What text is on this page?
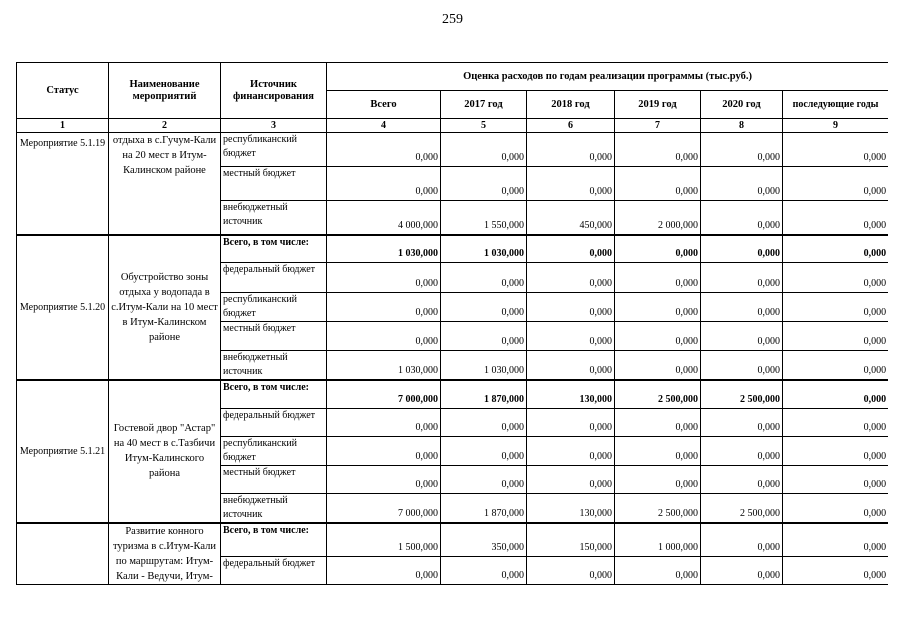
259
Статус	Наименование мероприятий	Источник финансирования	Оценка расходов по годам реализации программы (тыс.руб.)					
			Всего	2017 год	2018 год	2019 год	2020 год	последующие годы
1	2	3	4	5	6	7	8	9
Мероприятие 5.1.19	отдыха в с.Гучум-Кали на 20 мест в Итум-Калинском районе	республиканский бюджет	0,000	0,000	0,000	0,000	0,000	0,000
		местный бюджет	0,000	0,000	0,000	0,000	0,000	0,000
		внебюджетный источник	4 000,000	1 550,000	450,000	2 000,000	0,000	0,000
Мероприятие 5.1.20	Обустройство зоны отдыха у водопада в с.Итум-Кали на 10 мест в Итум-Калинском районе	Всего, в том числе:	1 030,000	1 030,000	0,000	0,000	0,000	0,000
		федеральный бюджет	0,000	0,000	0,000	0,000	0,000	0,000
		республиканский бюджет	0,000	0,000	0,000	0,000	0,000	0,000
		местный бюджет	0,000	0,000	0,000	0,000	0,000	0,000
		внебюджетный источник	1 030,000	1 030,000	0,000	0,000	0,000	0,000
Мероприятие 5.1.21	Гостевой двор "Астар" на 40 мест в с.Тазбичи Итум-Калинского района	Всего, в том числе:	7 000,000	1 870,000	130,000	2 500,000	2 500,000	0,000
		федеральный бюджет	0,000	0,000	0,000	0,000	0,000	0,000
		республиканский бюджет	0,000	0,000	0,000	0,000	0,000	0,000
		местный бюджет	0,000	0,000	0,000	0,000	0,000	0,000
		внебюджетный источник	7 000,000	1 870,000	130,000	2 500,000	2 500,000	0,000
	Развитие конного туризма в с.Итум-Кали по маршрутам: Итум-Кали - Ведучи, Итум-	Всего, в том числе:	1 500,000	350,000	150,000	1 000,000	0,000	0,000
		федеральный бюджет	0,000	0,000	0,000	0,000	0,000	0,000
